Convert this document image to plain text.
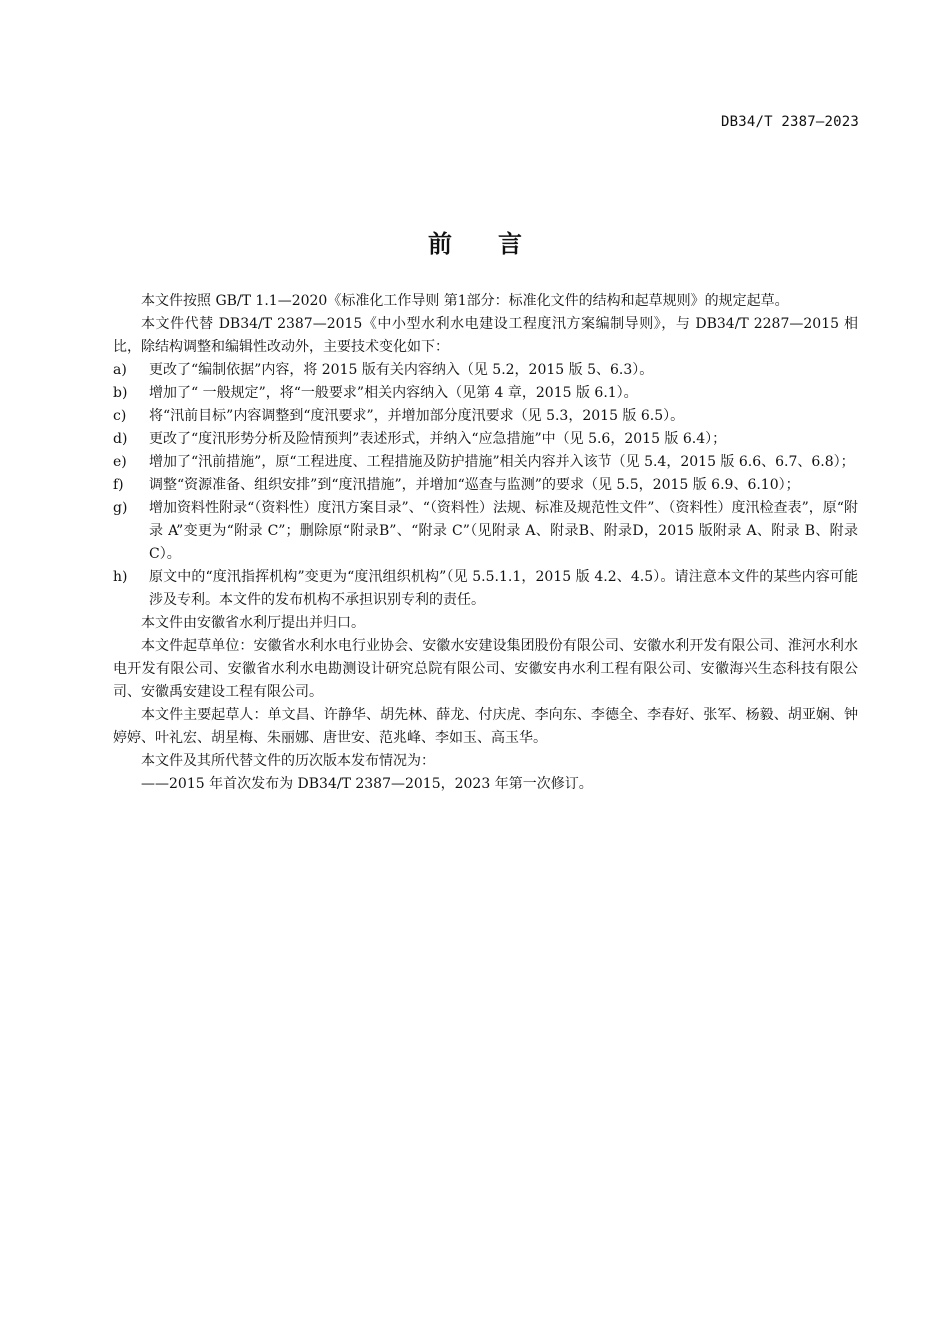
DB34/T 2387—2023
前言

本文件按照 GB/T 1.1—2020《标准化工作导则 第1部分：标准化文件的结构和起草规则》的规定起草。

本文件代替 DB34/T 2387—2015《中小型水利水电建设工程度汛方案编制导则》，与 DB34/T 2287—2015 相比，除结构调整和编辑性改动外，主要技术变化如下：

a)	更改了“编制依据”内容，将 2015 版有关内容纳入（见 5.2，2015 版 5、6.3）。
b)	增加了“ 一般规定”，将“一般要求”相关内容纳入（见第 4 章，2015 版 6.1）。
c)	将“汛前目标”内容调整到“度汛要求”，并增加部分度汛要求（见 5.3，2015 版 6.5）。
d)	更改了“度汛形势分析及险情预判”表述形式，并纳入“应急措施”中（见 5.6，2015 版 6.4）；
e)	增加了“汛前措施”，原“工程进度、工程措施及防护措施”相关内容并入该节（见 5.4，2015 版 6.6、6.7、6.8）；
f)	调整“资源准备、组织安排”到“度汛措施”，并增加“巡查与监测”的要求（见 5.5，2015 版 6.9、6.10）；
g)	增加资料性附录“（资料性）度汛方案目录”、“（资料性）法规、标准及规范性文件”、（资料性）度汛检查表”，原“附录 A”变更为“附录 C”；删除原“附录B”、“附录 C”（见附录 A、附录B、附录D，2015 版附录 A、附录 B、附录 C）。
h)	原文中的“度汛指挥机构”变更为“度汛组织机构”（见 5.5.1.1，2015 版 4.2、4.5）。请注意本文件的某些内容可能涉及专利。本文件的发布机构不承担识别专利的责任。

本文件由安徽省水利厅提出并归口。

本文件起草单位：安徽省水利水电行业协会、安徽水安建设集团股份有限公司、安徽水利开发有限公司、淮河水利水电开发有限公司、安徽省水利水电勘测设计研究总院有限公司、安徽安冉水利工程有限公司、安徽海兴生态科技有限公司、安徽禹安建设工程有限公司。

本文件主要起草人：单文昌、许静华、胡先林、薛龙、付庆虎、李向东、李德全、李春好、张军、杨毅、胡亚娴、钟婷婷、叶礼宏、胡星梅、朱丽娜、唐世安、范兆峰、李如玉、高玉华。

本文件及其所代替文件的历次版本发布情况为：

——2015 年首次发布为 DB34/T 2387—2015，2023 年第一次修订。
